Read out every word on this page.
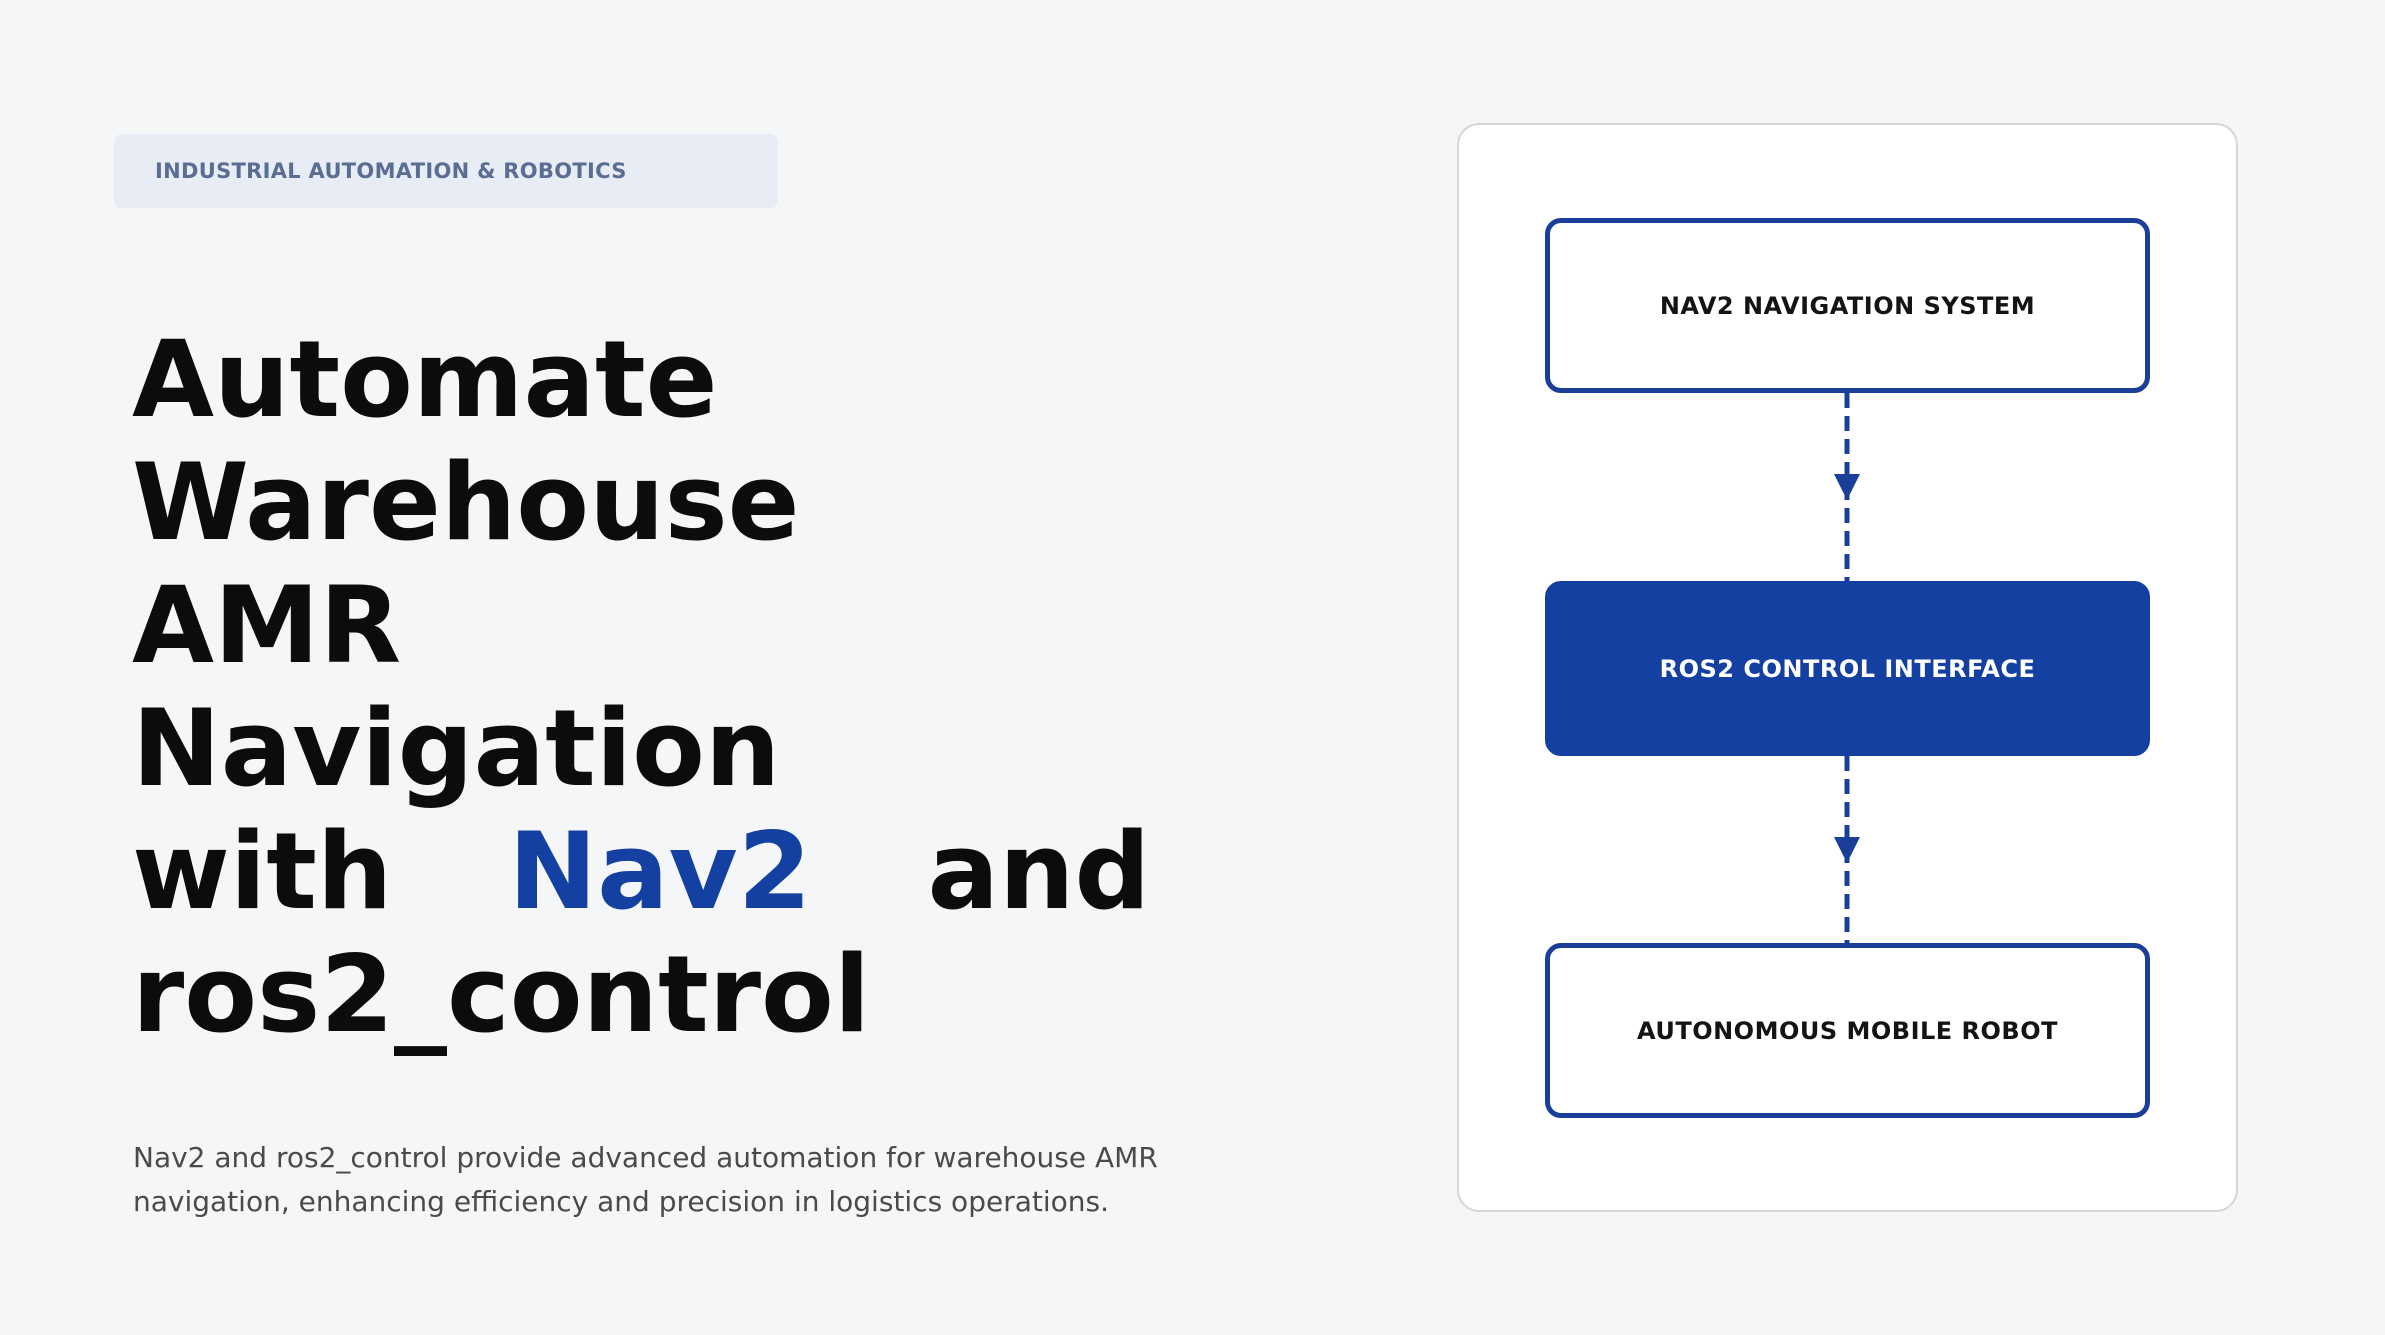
INDUSTRIAL AUTOMATION & ROBOTICS
Automate
Warehouse
AMR
Navigation
with Nav2 and
ros2_control

Nav2 and ros2_control provide advanced automation for warehouse AMR navigation, enhancing efficiency and precision in logistics operations.

NAV2 NAVIGATION SYSTEM
ROS2 CONTROL INTERFACE
AUTONOMOUS MOBILE ROBOT
